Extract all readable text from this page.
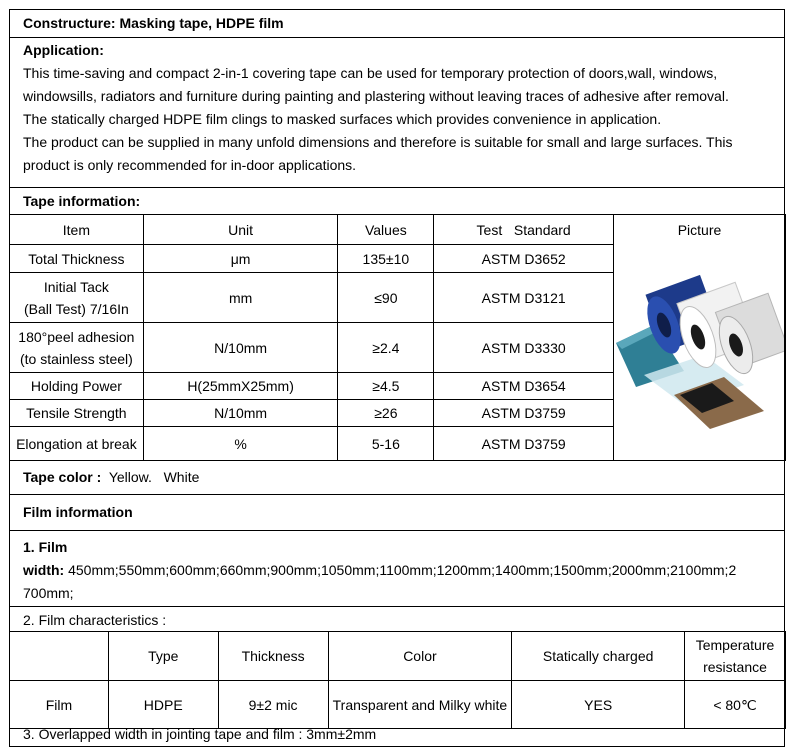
Constructure: Masking tape, HDPE film
Application:
This time-saving and compact 2-in-1 covering tape can be used for temporary protection of doors,wall, windows,
windowsills, radiators and furniture during painting and plastering without leaving traces of adhesive after removal.
The statically charged HDPE film clings to masked surfaces which provides convenience in application.
The product can be supplied in many unfold dimensions and therefore is suitable for small and large surfaces. This
product is only recommended for in-door applications.
Tape information:
Item	Unit	Values	Test   Standard	Picture

Total Thickness	μm	135±10	ASTM D3652	

Initial Tack
(Ball Test) 7/16In	mm	≤90	ASTM D3121	

180°peel adhesion
(to stainless steel)	N/10mm	≥2.4	ASTM D3330	
Holding Power	H(25mmX25mm)	≥4.5	ASTM D3654	
Tensile Strength	N/10mm	≥26	ASTM D3759	
Elongation at break	%	5-16	ASTM D3759	
Tape color :  Yellow.   White
Film information
1. Film
width: 450mm;550mm;600mm;660mm;900mm;1050mm;1100mm;1200mm;1400mm;1500mm;2000mm;2100mm;2
700mm;
2. Film characteristics :
	Type	Thickness	Color	Statically charged	Temperature resistance
Film	HDPE	9±2 mic	Transparent and Milky white	YES	< 80℃
3. Overlapped width in jointing tape and film : 3mm±2mm
